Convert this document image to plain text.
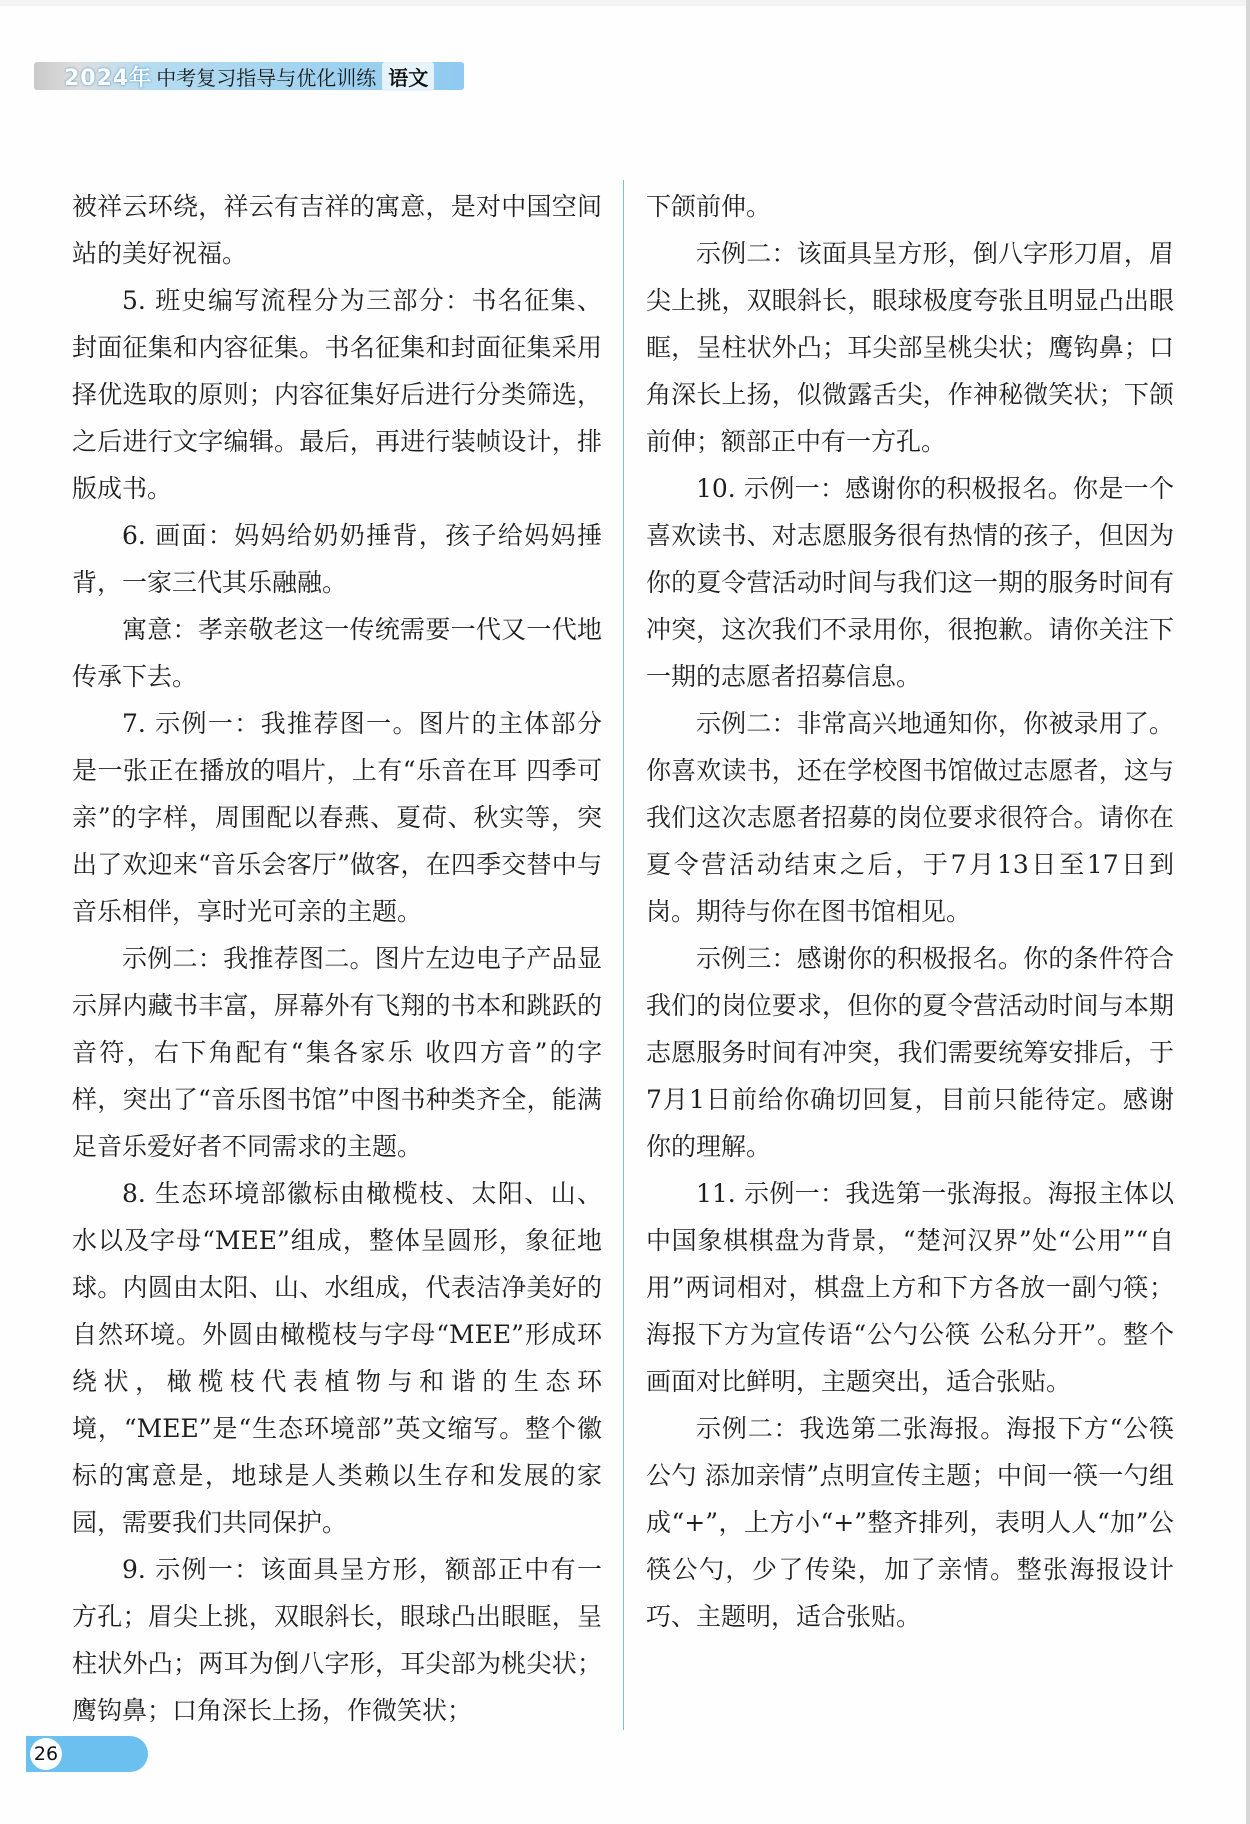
2024年 中考复习指导与优化训练 语文

被祥云环绕，祥云有吉祥的寓意，是对中国空间站的美好祝福。

5. 班史编写流程分为三部分：书名征集、封面征集和内容征集。书名征集和封面征集采用择优选取的原则；内容征集好后进行分类筛选，之后进行文字编辑。最后，再进行装帧设计，排版成书。

6. 画面：妈妈给奶奶捶背，孩子给妈妈捶背，一家三代其乐融融。

寓意：孝亲敬老这一传统需要一代又一代地传承下去。

7. 示例一：我推荐图一。图片的主体部分是一张正在播放的唱片，上有“乐音在耳 四季可亲”的字样，周围配以春燕、夏荷、秋实等，突出了欢迎来“音乐会客厅”做客，在四季交替中与音乐相伴，享时光可亲的主题。

示例二：我推荐图二。图片左边电子产品显示屏内藏书丰富，屏幕外有飞翔的书本和跳跃的音符，右下角配有“集各家乐 收四方音”的字样，突出了“音乐图书馆”中图书种类齐全，能满足音乐爱好者不同需求的主题。

8. 生态环境部徽标由橄榄枝、太阳、山、水以及字母“MEE”组成，整体呈圆形，象征地球。内圆由太阳、山、水组成，代表洁净美好的自然环境。外圆由橄榄枝与字母“MEE”形成环绕状，橄榄枝代表植物与和谐的生态环境，“MEE”是“生态环境部”英文缩写。整个徽标的寓意是，地球是人类赖以生存和发展的家园，需要我们共同保护。

9. 示例一：该面具呈方形，额部正中有一方孔；眉尖上挑，双眼斜长，眼球凸出眼眶，呈柱状外凸；两耳为倒八字形，耳尖部为桃尖状；鹰钩鼻；口角深长上扬，作微笑状；

下颌前伸。

示例二：该面具呈方形，倒八字形刀眉，眉尖上挑，双眼斜长，眼球极度夸张且明显凸出眼眶，呈柱状外凸；耳尖部呈桃尖状；鹰钩鼻；口角深长上扬，似微露舌尖，作神秘微笑状；下颌前伸；额部正中有一方孔。

10. 示例一：感谢你的积极报名。你是一个喜欢读书、对志愿服务很有热情的孩子，但因为你的夏令营活动时间与我们这一期的服务时间有冲突，这次我们不录用你，很抱歉。请你关注下一期的志愿者招募信息。

示例二：非常高兴地通知你，你被录用了。你喜欢读书，还在学校图书馆做过志愿者，这与我们这次志愿者招募的岗位要求很符合。请你在夏令营活动结束之后，于7月13日至17日到岗。期待与你在图书馆相见。

示例三：感谢你的积极报名。你的条件符合我们的岗位要求，但你的夏令营活动时间与本期志愿服务时间有冲突，我们需要统筹安排后，于7月1日前给你确切回复，目前只能待定。感谢你的理解。

11. 示例一：我选第一张海报。海报主体以中国象棋棋盘为背景，“楚河汉界”处“公用”“自用”两词相对，棋盘上方和下方各放一副勺筷；海报下方为宣传语“公勺公筷 公私分开”。整个画面对比鲜明，主题突出，适合张贴。

示例二：我选第二张海报。海报下方“公筷公勺 添加亲情”点明宣传主题；中间一筷一勺组成“+”，上方小“+”整齐排列，表明人人“加”公筷公勺，少了传染，加了亲情。整张海报设计巧、主题明，适合张贴。

26
